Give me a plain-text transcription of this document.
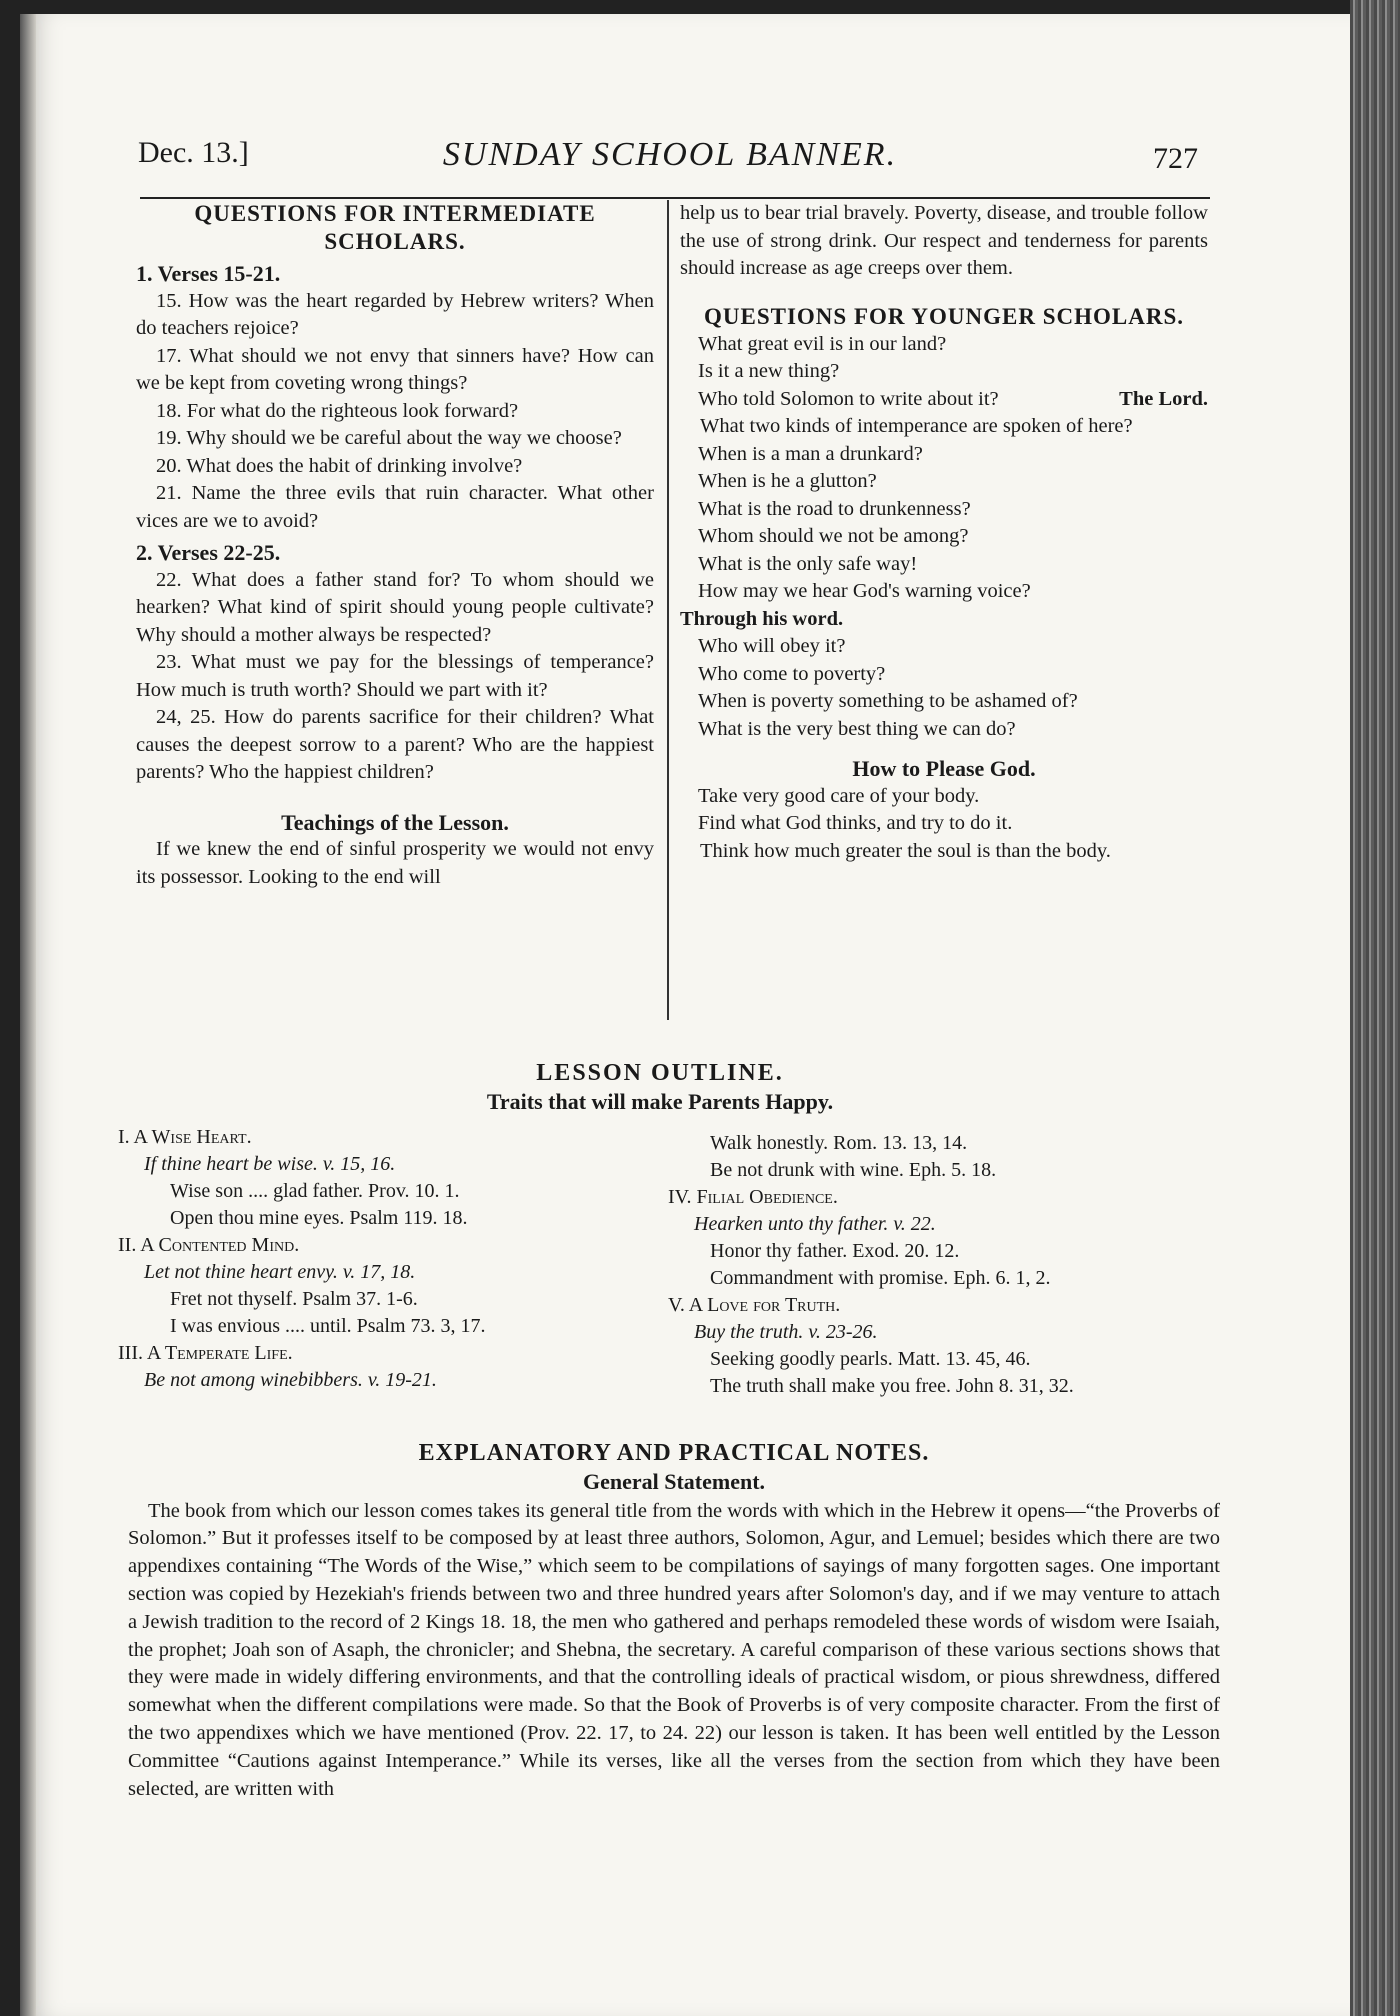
Dec. 13.]	SUNDAY SCHOOL BANNER.	727

QUESTIONS FOR INTERMEDIATE SCHOLARS.

1. Verses 15-21.

15. How was the heart regarded by Hebrew writers? When do teachers rejoice?

17. What should we not envy that sinners have? How can we be kept from coveting wrong things?

18. For what do the righteous look forward?

19. Why should we be careful about the way we choose?

20. What does the habit of drinking involve?

21. Name the three evils that ruin character. What other vices are we to avoid?

2. Verses 22-25.

22. What does a father stand for? To whom should we hearken? What kind of spirit should young people cultivate? Why should a mother always be respected?

23. What must we pay for the blessings of temperance? How much is truth worth? Should we part with it?

24, 25. How do parents sacrifice for their children? What causes the deepest sorrow to a parent? Who are the happiest parents? Who the happiest children?

Teachings of the Lesson.

If we knew the end of sinful prosperity we would not envy its possessor. Looking to the end will

help us to bear trial bravely. Poverty, disease, and trouble follow the use of strong drink. Our respect and tenderness for parents should increase as age creeps over them.

QUESTIONS FOR YOUNGER SCHOLARS.

What great evil is in our land?

Is it a new thing?

Who told Solomon to write about it?	The Lord.

What two kinds of intemperance are spoken of here?

When is a man a drunkard?

When is he a glutton?

What is the road to drunkenness?

Whom should we not be among?

What is the only safe way!

How may we hear God's warning voice?

Through his word.

Who will obey it?

Who come to poverty?

When is poverty something to be ashamed of?

What is the very best thing we can do?

How to Please God.

Take very good care of your body.

Find what God thinks, and try to do it.

Think how much greater the soul is than the body.

LESSON OUTLINE.
Traits that will make Parents Happy.
I. A Wise Heart.
If thine heart be wise. v. 15, 16.
Wise son .... glad father. Prov. 10. 1.
Open thou mine eyes. Psalm 119. 18.
II. A Contented Mind.
Let not thine heart envy. v. 17, 18.
Fret not thyself. Psalm 37. 1-6.
I was envious .... until. Psalm 73. 3, 17.
III. A Temperate Life.
Be not among winebibbers. v. 19-21.
Walk honestly. Rom. 13. 13, 14.
Be not drunk with wine. Eph. 5. 18.
IV. Filial Obedience.
Hearken unto thy father. v. 22.
Honor thy father. Exod. 20. 12.
Commandment with promise. Eph. 6. 1, 2.
V. A Love for Truth.
Buy the truth. v. 23-26.
Seeking goodly pearls. Matt. 13. 45, 46.
The truth shall make you free. John 8. 31, 32.
EXPLANATORY AND PRACTICAL NOTES.
General Statement.

The book from which our lesson comes takes its general title from the words with which in the Hebrew it opens—“the Proverbs of Solomon.” But it professes itself to be composed by at least three authors, Solomon, Agur, and Lemuel; besides which there are two appendixes containing “The Words of the Wise,” which seem to be compilations of sayings of many forgotten sages. One important section was copied by Hezekiah's friends between two and three hundred years after Solomon's day, and if we may venture to attach a Jewish tradition to the record of 2 Kings 18. 18, the men who gathered and perhaps remodeled these words of wisdom were Isaiah, the prophet; Joah son of Asaph, the chronicler; and Shebna, the secretary. A careful comparison of these various sections shows that they were made in widely differing environments, and that the controlling ideals of practical wisdom, or pious shrewdness, differed somewhat when the different compilations were made. So that the Book of Proverbs is of very composite character. From the first of the two appendixes which we have mentioned (Prov. 22. 17, to 24. 22) our lesson is taken. It has been well entitled by the Lesson Committee “Cautions against Intemperance.” While its verses, like all the verses from the section from which they have been selected, are written with
